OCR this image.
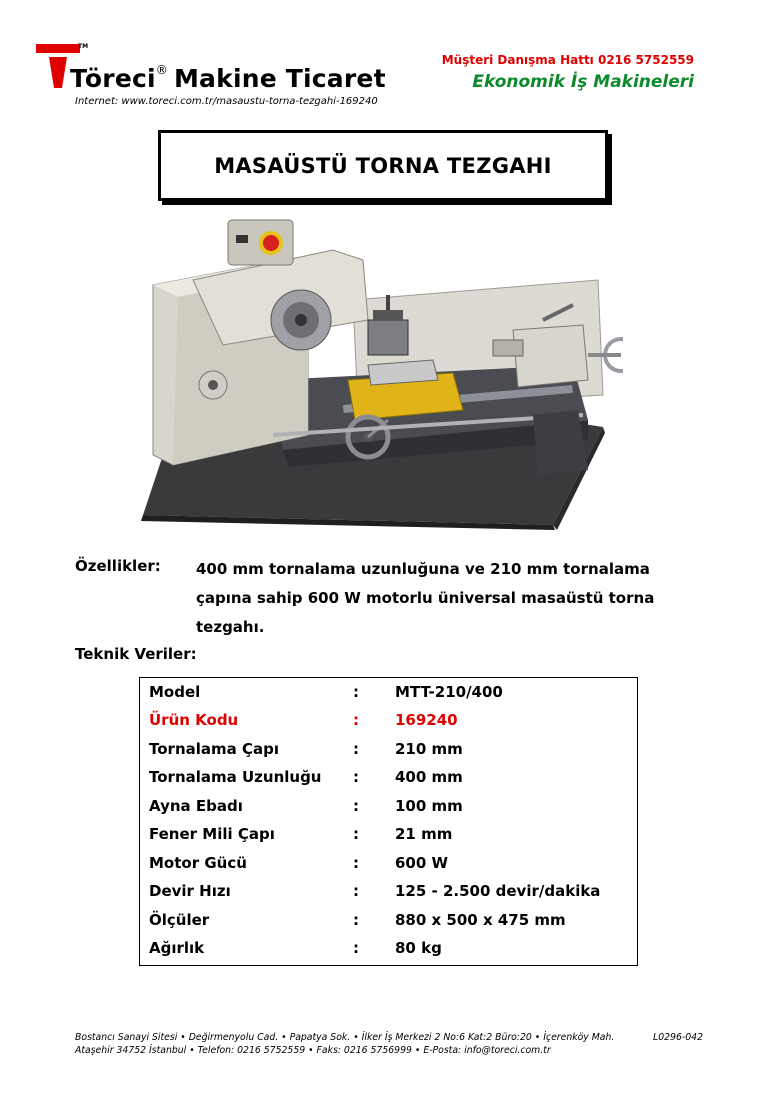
TM
Töreci® Makine Ticaret
Internet: www.toreci.com.tr/masaustu-torna-tezgahi-169240
Müşteri Danışma Hattı 0216 5752559
Ekonomik İş Makineleri
MASAÜSTÜ TORNA TEZGAHI
Özellikler: 400 mm tornalama uzunluğuna ve 210 mm tornalama
çapına sahip 600 W motorlu üniversal masaüstü torna
tezgahı.
Teknik Veriler:
Model	: MTT-210/400
Ürün Kodu	: 169240
Tornalama Çapı	: 210 mm
Tornalama Uzunluğu : 400 mm
Ayna Ebadı	: 100 mm
Fener Mili Çapı	: 21 mm
Motor Gücü	: 600 W
Devir Hızı	: 125 - 2.500 devir/dakika
Ölçüler	: 880 x 500 x 475 mm
Ağırlık	: 80 kg
Bostancı Sanayi Sitesi • Değirmenyolu Cad. • Papatya Sok. • İlker İş Merkezi 2 No:6 Kat:2 Büro:20 • İçerenköy Mah.
Ataşehir 34752 İstanbul • Telefon: 0216 5752559 • Faks: 0216 5756999 • E-Posta: info@toreci.com.tr
L0296-042
